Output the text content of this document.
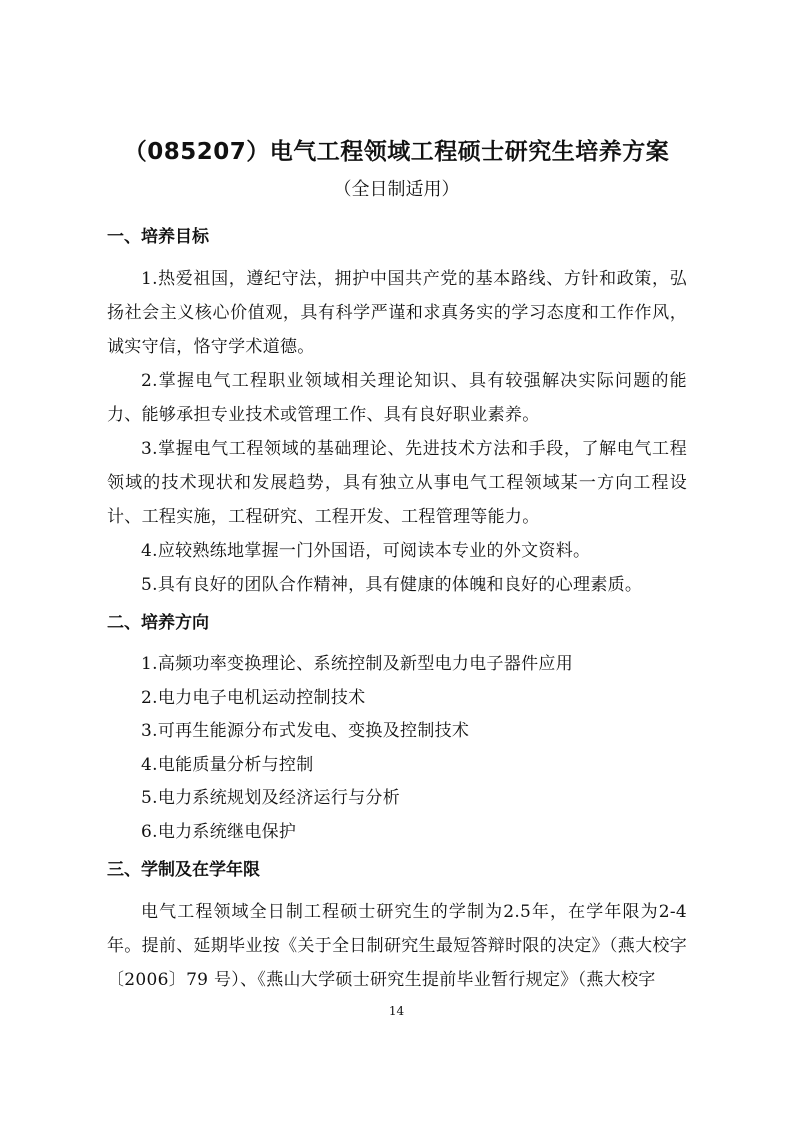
（085207）电气工程领域工程硕士研究生培养方案
（全日制适用）
一、培养目标

1.热爱祖国，遵纪守法，拥护中国共产党的基本路线、方针和政策，弘扬社会主义核心价值观，具有科学严谨和求真务实的学习态度和工作作风，诚实守信，恪守学术道德。

2.掌握电气工程职业领域相关理论知识、具有较强解决实际问题的能力、能够承担专业技术或管理工作、具有良好职业素养。

3.掌握电气工程领域的基础理论、先进技术方法和手段，了解电气工程领域的技术现状和发展趋势，具有独立从事电气工程领域某一方向工程设计、工程实施，工程研究、工程开发、工程管理等能力。

4.应较熟练地掌握一门外国语，可阅读本专业的外文资料。

5.具有良好的团队合作精神，具有健康的体魄和良好的心理素质。

二、培养方向

1.高频功率变换理论、系统控制及新型电力电子器件应用

2.电力电子电机运动控制技术

3.可再生能源分布式发电、变换及控制技术

4.电能质量分析与控制

5.电力系统规划及经济运行与分析

6.电力系统继电保护

三、学制及在学年限

电气工程领域全日制工程硕士研究生的学制为2.5年，在学年限为2-4年。提前、延期毕业按《关于全日制研究生最短答辩时限的决定》（燕大校字〔2006〕79 号）、《燕山大学硕士研究生提前毕业暂行规定》（燕大校字

14
